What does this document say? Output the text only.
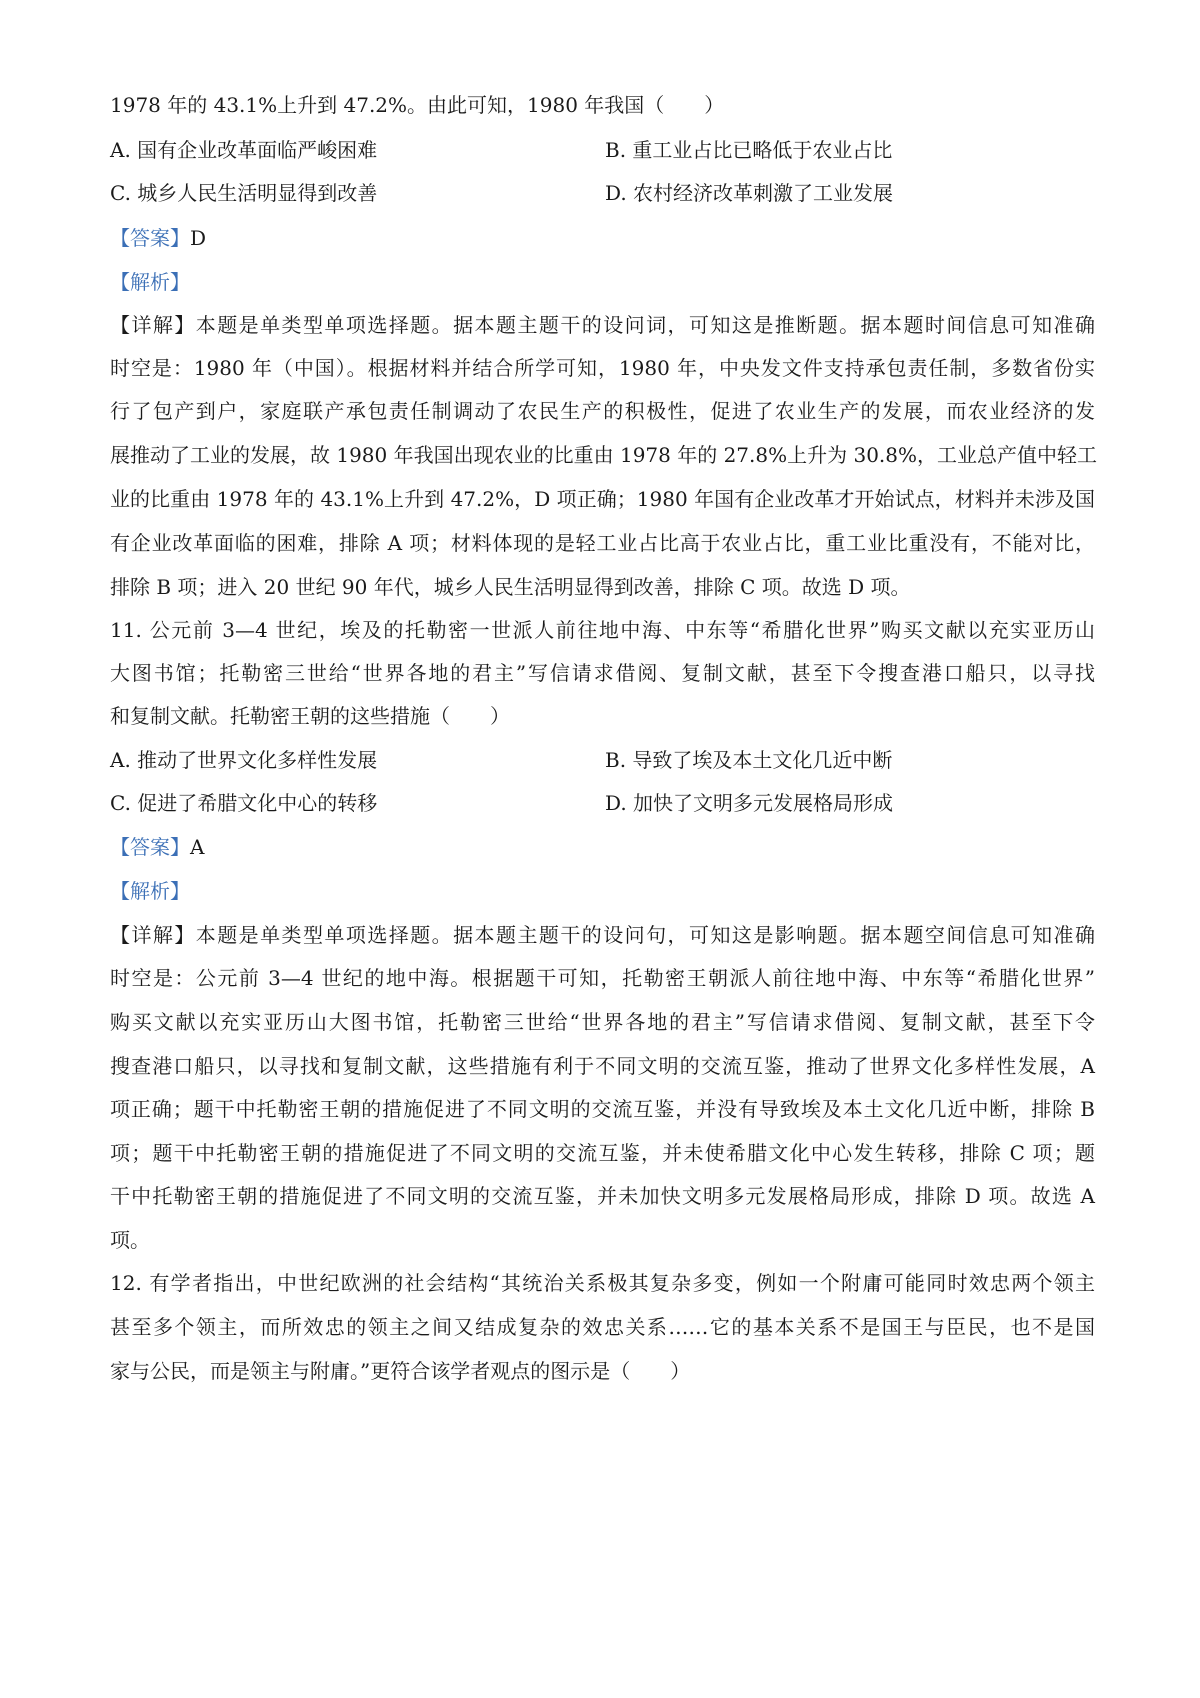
1978 年的 43.1%上升到 47.2%。由此可知，1980 年我国（　　）
A. 国有企业改革面临严峻困难	B. 重工业占比已略低于农业占比
C. 城乡人民生活明显得到改善	D. 农村经济改革刺激了工业发展
【答案】D
【解析】
【详解】本题是单类型单项选择题。据本题主题干的设问词，可知这是推断题。据本题时间信息可知准确
时空是：1980 年（中国）。根据材料并结合所学可知，1980 年，中央发文件支持承包责任制，多数省份实
行了包产到户，家庭联产承包责任制调动了农民生产的积极性，促进了农业生产的发展，而农业经济的发
展推动了工业的发展，故 1980 年我国出现农业的比重由 1978 年的 27.8%上升为 30.8%，工业总产值中轻工
业的比重由 1978 年的 43.1%上升到 47.2%，D 项正确；1980 年国有企业改革才开始试点，材料并未涉及国
有企业改革面临的困难，排除 A 项；材料体现的是轻工业占比高于农业占比，重工业比重没有，不能对比，
排除 B 项；进入 20 世纪 90 年代，城乡人民生活明显得到改善，排除 C 项。故选 D 项。
11. 公元前 3—4 世纪，埃及的托勒密一世派人前往地中海、中东等“希腊化世界”购买文献以充实亚历山
大图书馆；托勒密三世给“世界各地的君主”写信请求借阅、复制文献，甚至下令搜查港口船只，以寻找
和复制文献。托勒密王朝的这些措施（　　）
A. 推动了世界文化多样性发展	B. 导致了埃及本土文化几近中断
C. 促进了希腊文化中心的转移	D. 加快了文明多元发展格局形成
【答案】A
【解析】
【详解】本题是单类型单项选择题。据本题主题干的设问句，可知这是影响题。据本题空间信息可知准确
时空是：公元前 3—4 世纪的地中海。根据题干可知，托勒密王朝派人前往地中海、中东等“希腊化世界”
购买文献以充实亚历山大图书馆，托勒密三世给“世界各地的君主”写信请求借阅、复制文献，甚至下令
搜查港口船只，以寻找和复制文献，这些措施有利于不同文明的交流互鉴，推动了世界文化多样性发展，A
项正确；题干中托勒密王朝的措施促进了不同文明的交流互鉴，并没有导致埃及本土文化几近中断，排除 B
项；题干中托勒密王朝的措施促进了不同文明的交流互鉴，并未使希腊文化中心发生转移，排除 C 项；题
干中托勒密王朝的措施促进了不同文明的交流互鉴，并未加快文明多元发展格局形成，排除 D 项。故选 A
项。
12. 有学者指出，中世纪欧洲的社会结构“其统治关系极其复杂多变，例如一个附庸可能同时效忠两个领主
甚至多个领主，而所效忠的领主之间又结成复杂的效忠关系……它的基本关系不是国王与臣民，也不是国
家与公民，而是领主与附庸。”更符合该学者观点的图示是（　　）
